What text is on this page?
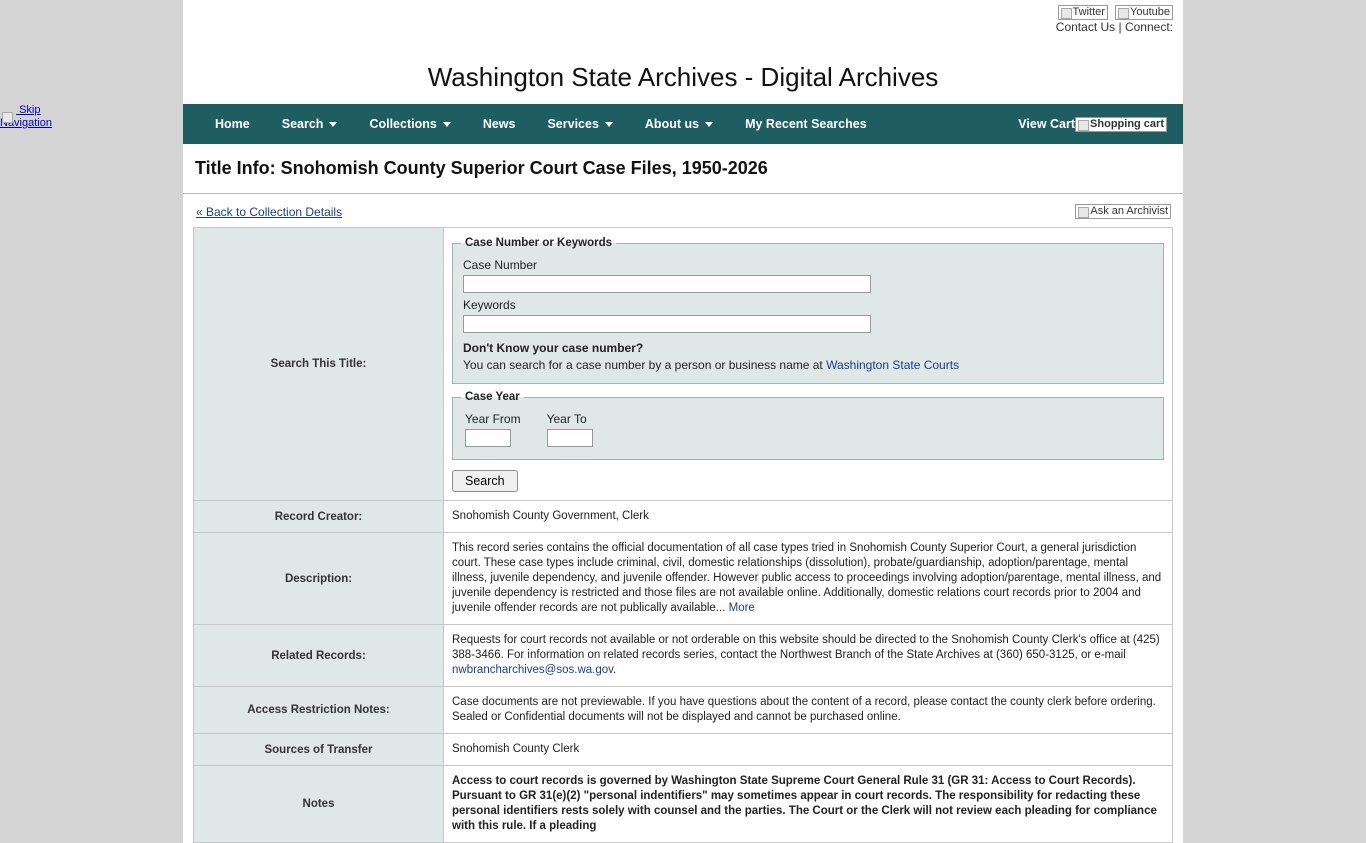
Skip Navigation
Twitter Youtube
Contact Us | Connect:
Washington State Archives - Digital Archives
Home	Search	Collections	News	Services	About us	My Recent Searches	View Cart Shopping cart
Title Info: Snohomish County Superior Court Case Files, 1950-2026
« Back to Collection Details	Ask an Archivist
Search This Title:	
Case Number or Keywords
Case Number
Keywords
Don't Know your case number?
You can search for a case number by a person or business name at Washington State Courts
Case Year
Year From Year To
Search
Record Creator:	Snohomish County Government, Clerk
Description:	This record series contains the official documentation of all case types tried in Snohomish County Superior Court, a general jurisdiction court. These case types include criminal, civil, domestic relationships (dissolution), probate/guardianship, adoption/parentage, mental illness, juvenile dependency, and juvenile offender. However public access to proceedings involving adoption/parentage, mental illness, and juvenile dependency is restricted and those files are not available online. Additionally, domestic relations court records prior to 2004 and juvenile offender records are not publically available... More
Related Records:	Requests for court records not available or not orderable on this website should be directed to the Snohomish County Clerk's office at (425) 388-3466. For information on related records series, contact the Northwest Branch of the State Archives at (360) 650-3125, or e-mail nwbrancharchives@sos.wa.gov.
Access Restriction Notes:	Case documents are not previewable. If you have questions about the content of a record, please contact the county clerk before ordering. Sealed or Confidential documents will not be displayed and cannot be purchased online.
Sources of Transfer	Snohomish County Clerk
Notes	Access to court records is governed by Washington State Supreme Court General Rule 31 (GR 31: Access to Court Records). Pursuant to GR 31(e)(2) "personal indentifiers" may sometimes appear in court records. The responsibility for redacting these personal identifiers rests solely with counsel and the parties. The Court or the Clerk will not review each pleading for compliance with this rule. If a pleading
